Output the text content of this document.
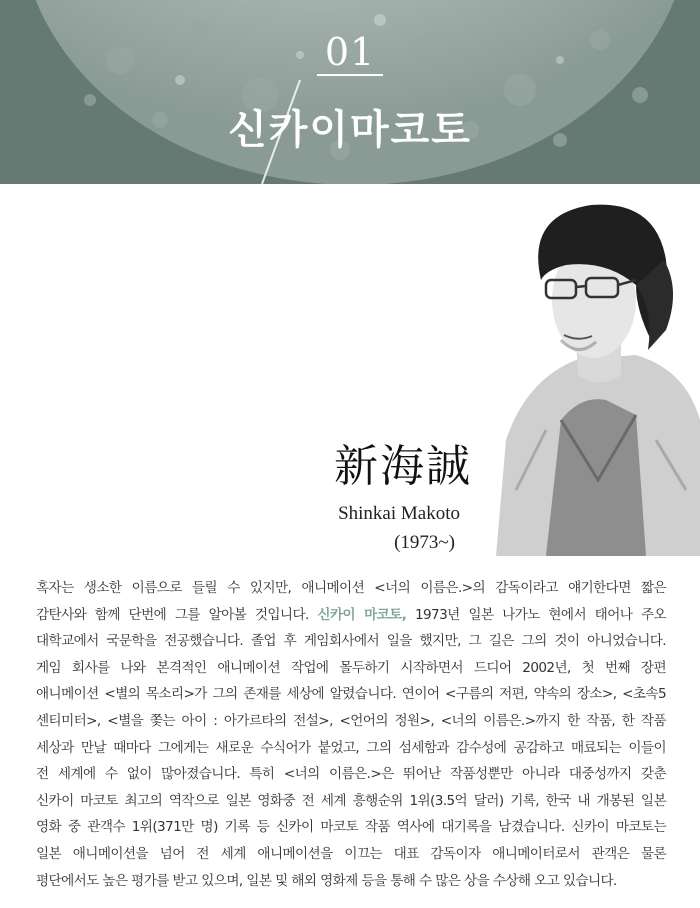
01
신카이마코토
新海誠
Shinkai Makoto
(1973~)
혹자는 생소한 이름으로 들릴 수 있지만, 애니메이션 <너의 이름은.>의 감독이라고 얘기한다면 짧은
감탄사와 함께 단번에 그를 알아볼 것입니다. 신카이 마코토, 1973년 일본 나가노 현에서 태어나 주오
대학교에서 국문학을 전공했습니다. 졸업 후 게임회사에서 일을 했지만, 그 길은 그의 것이 아니었습니다.
게임 회사를 나와 본격적인 애니메이션 작업에 몰두하기 시작하면서 드디어 2002년, 첫 번째 장편
애니메이션 <별의 목소리>가 그의 존재를 세상에 알렸습니다. 연이어 <구름의 저편, 약속의 장소>, <초속5
센티미터>, <별을 쫓는 아이 : 아가르타의 전설>, <언어의 정원>, <너의 이름은.>까지 한 작품, 한 작품
세상과 만날 때마다 그에게는 새로운 수식어가 붙었고, 그의 섬세함과 감수성에 공감하고 매료되는 이들이
전 세계에 수 없이 많아졌습니다. 특히 <너의 이름은.>은 뛰어난 작품성뿐만 아니라 대중성까지 갖춘
신카이 마코토 최고의 역작으로 일본 영화중 전 세계 흥행순위 1위(3.5억 달러) 기록, 한국 내 개봉된 일본
영화 중 관객수 1위(371만 명) 기록 등 신카이 마코토 작품 역사에 대기록을 남겼습니다. 신카이 마코토는
일본 애니메이션을 넘어 전 세계 애니메이션을 이끄는 대표 감독이자 애니메이터로서 관객은 물론
평단에서도 높은 평가를 받고 있으며, 일본 및 해외 영화제 등을 통해 수 많은 상을 수상해 오고 있습니다.
